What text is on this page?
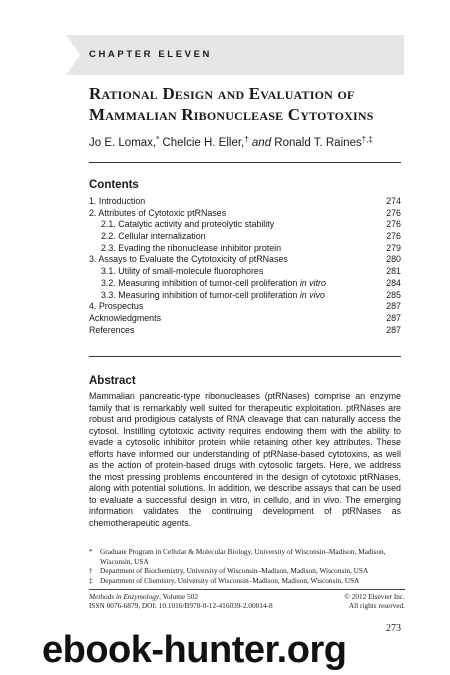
CHAPTER ELEVEN
Rational Design and Evaluation of Mammalian Ribonuclease Cytotoxins
Jo E. Lomax,* Chelcie H. Eller,† and Ronald T. Raines†,‡
Contents
1. Introduction	274
2. Attributes of Cytotoxic ptRNases	276
2.1. Catalytic activity and proteolytic stability	276
2.2. Cellular internalization	276
2.3. Evading the ribonuclease inhibitor protein	279
3. Assays to Evaluate the Cytotoxicity of ptRNases	280
3.1. Utility of small-molecule fluorophores	281
3.2. Measuring inhibition of tumor-cell proliferation in vitro	284
3.3. Measuring inhibition of tumor-cell proliferation in vivo	285
4. Prospectus	287
Acknowledgments	287
References	287
Abstract

Mammalian pancreatic-type ribonucleases (ptRNases) comprise an enzyme family that is remarkably well suited for therapeutic exploitation. ptRNases are robust and prodigious catalysts of RNA cleavage that can naturally access the cytosol. Instilling cytotoxic activity requires endowing them with the ability to evade a cytosolic inhibitor protein while retaining other key attributes. These efforts have informed our understanding of ptRNase-based cytotoxins, as well as the action of protein-based drugs with cytosolic targets. Here, we address the most pressing problems encountered in the design of cytotoxic ptRNases, along with potential solutions. In addition, we describe assays that can be used to evaluate a successful design in vitro, in cellulo, and in vivo. The emerging information validates the continuing development of ptRNases as chemotherapeutic agents.

* Graduate Program in Cellular & Molecular Biology, University of Wisconsin–Madison, Madison, Wisconsin, USA
† Department of Biochemistry, University of Wisconsin–Madison, Madison, Wisconsin, USA
‡ Department of Chemistry, University of Wisconsin–Madison, Madison, Wisconsin, USA
Methods in Enzymology, Volume 502	© 2012 Elsevier Inc.
ISSN 0076-6879, DOI: 10.1016/B978-0-12-416039-2.00014-8	All rights reserved.
273
ebook-hunter.org
